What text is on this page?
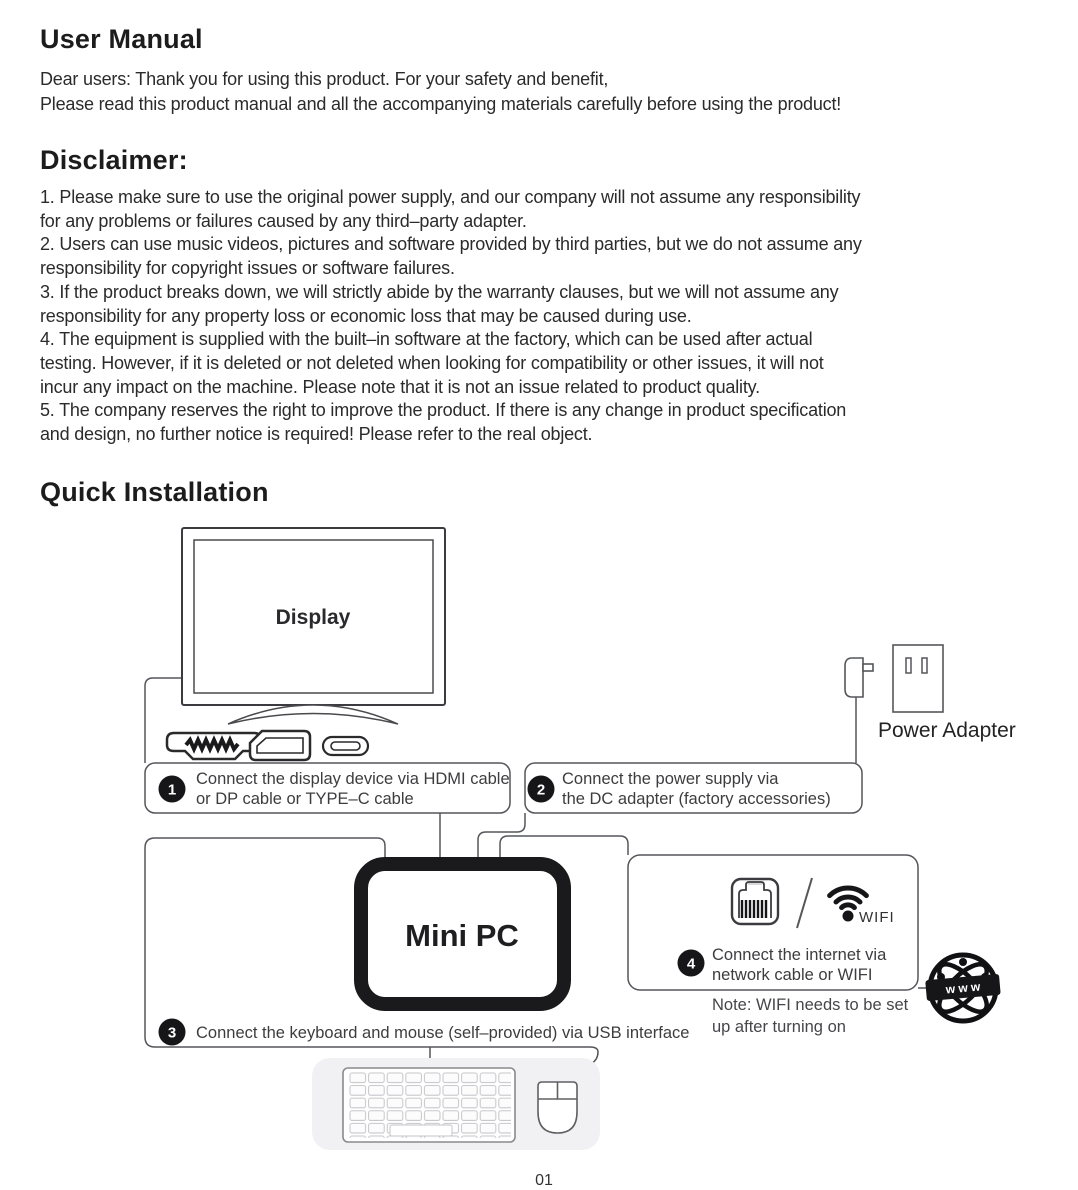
User Manual
Dear users: Thank you for using this product. For your safety and benefit,
Please read this product manual and all the accompanying materials carefully before using the product!
Disclaimer:
1. Please make sure to use the original power supply, and our company will not assume any responsibility
for any problems or failures caused by any third–party adapter.
2. Users can use music videos, pictures and software provided by third parties, but we do not assume any
responsibility for copyright issues or software failures.
3. If the product breaks down, we will strictly abide by the warranty clauses, but we will not assume any
responsibility for any property loss or economic loss that may be caused during use.
4. The equipment is supplied with the built–in software at the factory, which can be used after actual
testing. However, if it is deleted or not deleted when looking for compatibility or other issues, it will not
incur any impact on the machine. Please note that it is not an issue related to product quality.
5. The company reserves the right to improve the product. If there is any change in product specification
and design, no further notice is required! Please refer to the real object.
Quick Installation
Display
Power Adapter
Mini PC
1
Connect the display device via HDMI cable
or DP cable or TYPE–C cable	2
Connect the power supply via
the DC adapter (factory accessories)
3 Connect the keyboard and mouse (self–provided) via USB interface
WIFI
4 Connect the internet via
network cable or WIFI
Note: WIFI needs to be set
up after turning on
w w w
01
